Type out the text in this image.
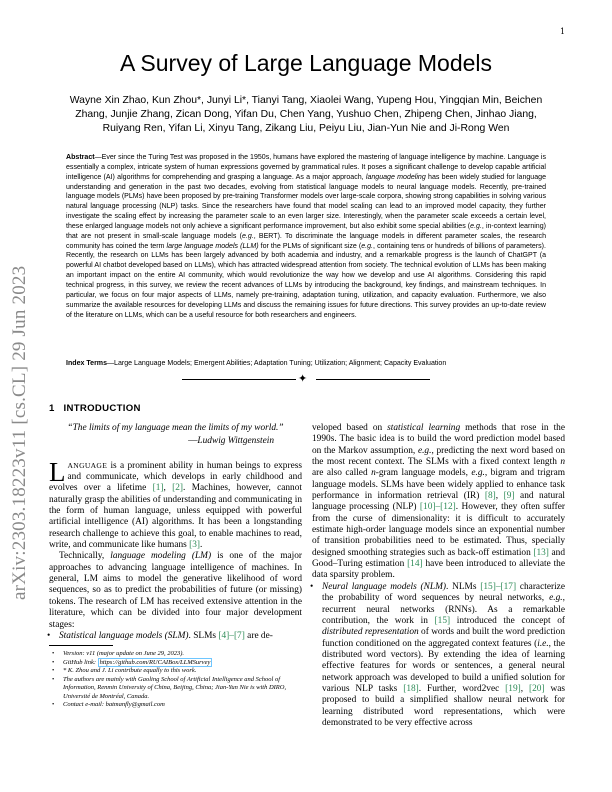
1
arXiv:2303.18223v11 [cs.CL] 29 Jun 2023
A Survey of Large Language Models

Wayne Xin Zhao, Kun Zhou*, Junyi Li*, Tianyi Tang, Xiaolei Wang, Yupeng Hou, Yingqian Min, Beichen Zhang, Junjie Zhang, Zican Dong, Yifan Du, Chen Yang, Yushuo Chen, Zhipeng Chen, Jinhao Jiang, Ruiyang Ren, Yifan Li, Xinyu Tang, Zikang Liu, Peiyu Liu, Jian-Yun Nie and Ji-Rong Wen

Abstract—Ever since the Turing Test was proposed in the 1950s, humans have explored the mastering of language intelligence by machine. Language is essentially a complex, intricate system of human expressions governed by grammatical rules. It poses a significant challenge to develop capable artificial intelligence (AI) algorithms for comprehending and grasping a language. As a major approach, language modeling has been widely studied for language understanding and generation in the past two decades, evolving from statistical language models to neural language models. Recently, pre-trained language models (PLMs) have been proposed by pre-training Transformer models over large-scale corpora, showing strong capabilities in solving various natural language processing (NLP) tasks. Since the researchers have found that model scaling can lead to an improved model capacity, they further investigate the scaling effect by increasing the parameter scale to an even larger size. Interestingly, when the parameter scale exceeds a certain level, these enlarged language models not only achieve a significant performance improvement, but also exhibit some special abilities (e.g., in-context learning) that are not present in small-scale language models (e.g., BERT). To discriminate the language models in different parameter scales, the research community has coined the term large language models (LLM) for the PLMs of significant size (e.g., containing tens or hundreds of billions of parameters). Recently, the research on LLMs has been largely advanced by both academia and industry, and a remarkable progress is the launch of ChatGPT (a powerful AI chatbot developed based on LLMs), which has attracted widespread attention from society. The technical evolution of LLMs has been making an important impact on the entire AI community, which would revolutionize the way how we develop and use AI algorithms. Considering this rapid technical progress, in this survey, we review the recent advances of LLMs by introducing the background, key findings, and mainstream techniques. In particular, we focus on four major aspects of LLMs, namely pre-training, adaptation tuning, utilization, and capacity evaluation. Furthermore, we also summarize the available resources for developing LLMs and discuss the remaining issues for future directions. This survey provides an up-to-date review of the literature on LLMs, which can be a useful resource for both researchers and engineers.

Index Terms—Large Language Models; Emergent Abilities; Adaptation Tuning; Utilization; Alignment; Capacity Evaluation

✦
1 INTRODUCTION

“The limits of my language mean the limits of my world.”

—Ludwig Wittgenstein

LANGUAGE is a prominent ability in human beings to express and communicate, which develops in early childhood and evolves over a lifetime [1], [2]. Machines, however, cannot naturally grasp the abilities of understanding and communicating in the form of human language, unless equipped with powerful artificial intelligence (AI) algorithms. It has been a longstanding research challenge to achieve this goal, to enable machines to read, write, and communicate like humans [3].

Technically, language modeling (LM) is one of the major approaches to advancing language intelligence of machines. In general, LM aims to model the generative likelihood of word sequences, so as to predict the probabilities of future (or missing) tokens. The research of LM has received extensive attention in the literature, which can be divided into four major development stages:

• Statistical language models (SLM). SLMs [4]–[7] are de-

veloped based on statistical learning methods that rose in the 1990s. The basic idea is to build the word prediction model based on the Markov assumption, e.g., predicting the next word based on the most recent context. The SLMs with a fixed context length n are also called n-gram language models, e.g., bigram and trigram language models. SLMs have been widely applied to enhance task performance in information retrieval (IR) [8], [9] and natural language processing (NLP) [10]–[12]. However, they often suffer from the curse of dimensionality: it is difficult to accurately estimate high-order language models since an exponential number of transition probabilities need to be estimated. Thus, specially designed smoothing strategies such as back-off estimation [13] and Good–Turing estimation [14] have been introduced to alleviate the data sparsity problem.

• Neural language models (NLM). NLMs [15]–[17] characterize the probability of word sequences by neural networks, e.g., recurrent neural networks (RNNs). As a remarkable contribution, the work in [15] introduced the concept of distributed representation of words and built the word prediction function conditioned on the aggregated context features (i.e., the distributed word vectors). By extending the idea of learning effective features for words or sentences, a general neural network approach was developed to build a unified solution for various NLP tasks [18]. Further, word2vec [19], [20] was proposed to build a simplified shallow neural network for learning distributed word representations, which were demonstrated to be very effective across

• Version: v11 (major update on June 29, 2023).
• GitHub link: https://github.com/RUCAIBox/LLMSurvey
• * K. Zhou and J. Li contribute equally to this work.
• The authors are mainly with Gaoling School of Artificial Intelligence and School of Information, Renmin University of China, Beijing, China; Jian-Yun Nie is with DIRO, Université de Montréal, Canada.
• Contact e-mail: batmanfly@gmail.com
